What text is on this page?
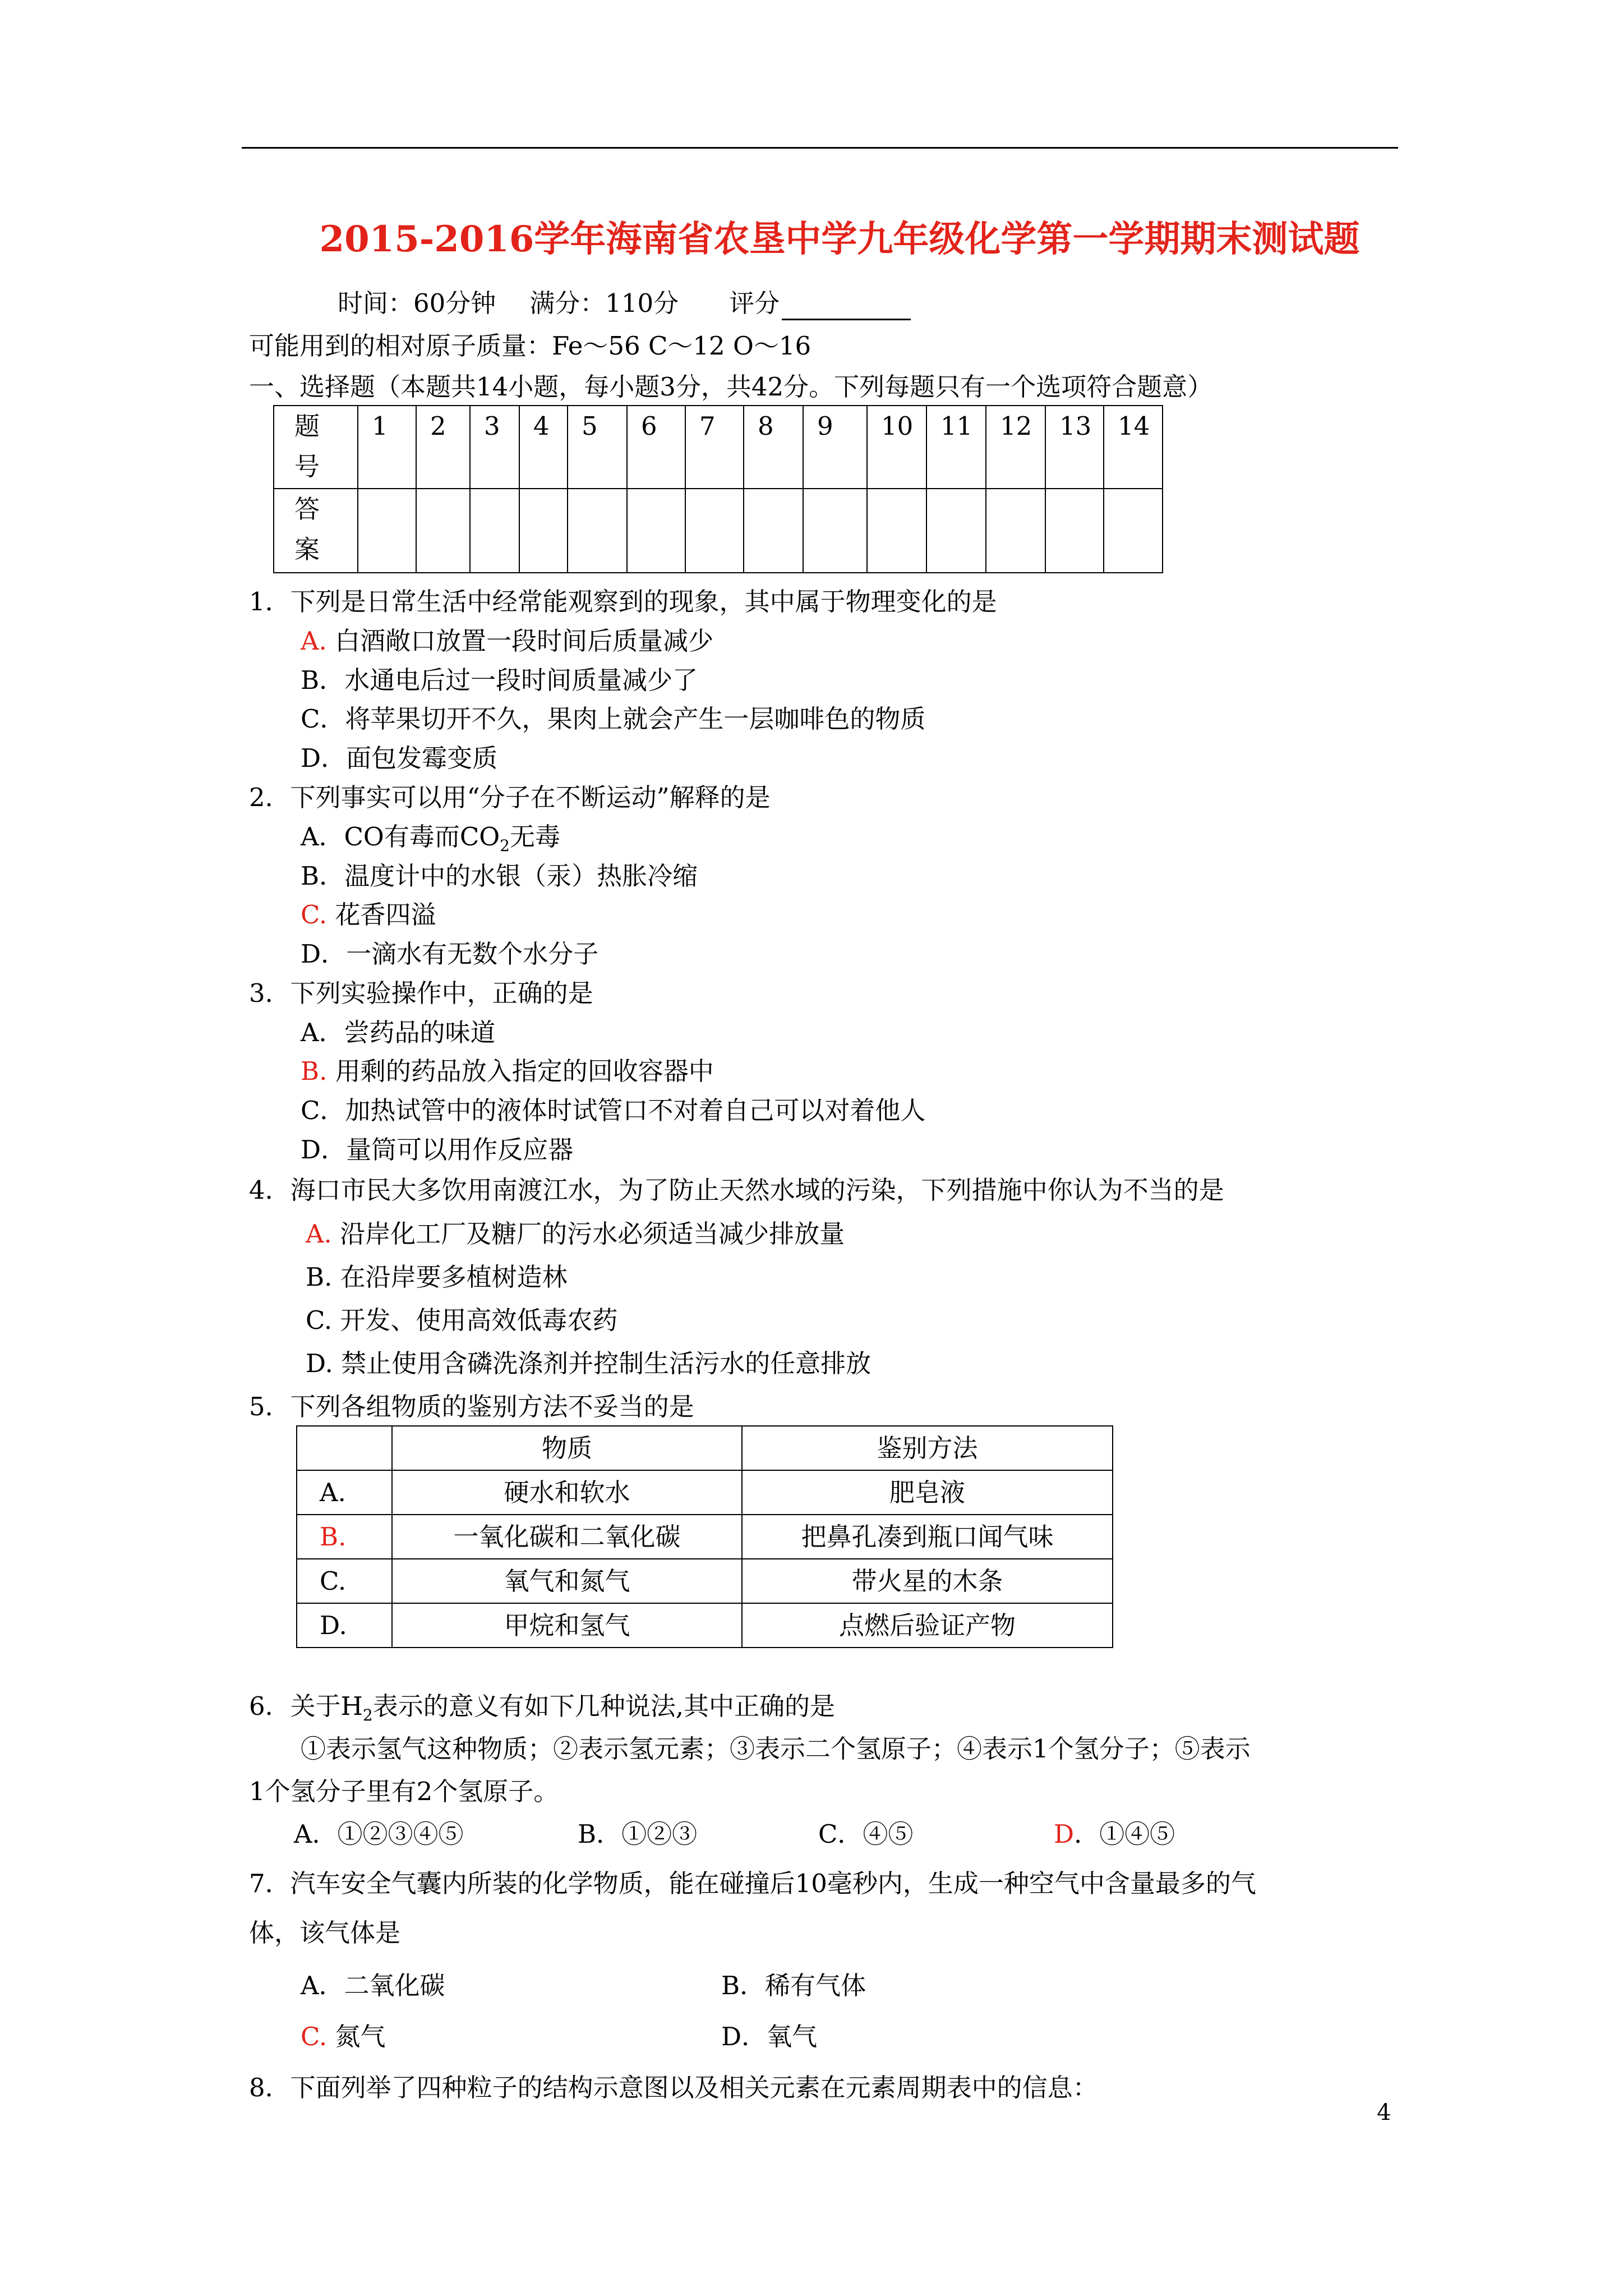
2015-2016学年海南省农垦中学九年级化学第一学期期末测试题
时间：60分钟 满分：110分 评分
可能用到的相对原子质量：Fe～56 C～12 O～16
一、选择题（本题共14小题，每小题3分，共42分。下列每题只有一个选项符合题意）
题
号	1	2	3	4	5	6	7	8	9	10	11	12	13	14
答
案														
1．下列是日常生活中经常能观察到的现象，其中属于物理变化的是
A. 白酒敞口放置一段时间后质量减少
B．水通电后过一段时间质量减少了
C．将苹果切开不久，果肉上就会产生一层咖啡色的物质
D．面包发霉变质
2．下列事实可以用“分子在不断运动”解释的是
A．CO有毒而$CO_2$无毒
B．温度计中的水银（汞）热胀冷缩
C. 花香四溢
D．一滴水有无数个水分子
3．下列实验操作中，正确的是
A．尝药品的味道
B. 用剩的药品放入指定的回收容器中
C．加热试管中的液体时试管口不对着自己可以对着他人
D．量筒可以用作反应器
4．海口市民大多饮用南渡江水，为了防止天然水域的污染，下列措施中你认为不当的是
A. 沿岸化工厂及糖厂的污水必须适当减少排放量
B. 在沿岸要多植树造林
C. 开发、使用高效低毒农药
D. 禁止使用含磷洗涤剂并控制生活污水的任意排放
5．下列各组物质的鉴别方法不妥当的是
	物质	鉴别方法
A.	硬水和软水	肥皂液
B.	一氧化碳和二氧化碳	把鼻孔凑到瓶口闻气味
C.	氧气和氮气	带火星的木条
D.	甲烷和氢气	点燃后验证产物
6．关于$H_2$表示的意义有如下几种说法,其中正确的是
①表示氢气这种物质；②表示氢元素；③表示二个氢原子；④表示1个氢分子；⑤表示
1个氢分子里有2个氢原子。
A．①②③④⑤	B．①②③	C．④⑤	D．①④⑤
7．汽车安全气囊内所装的化学物质，能在碰撞后10毫秒内，生成一种空气中含量最多的气
体，该气体是
A．二氧化碳	B．稀有气体
C. 氮气	D．氧气
8．下面列举了四种粒子的结构示意图以及相关元素在元素周期表中的信息：
4
